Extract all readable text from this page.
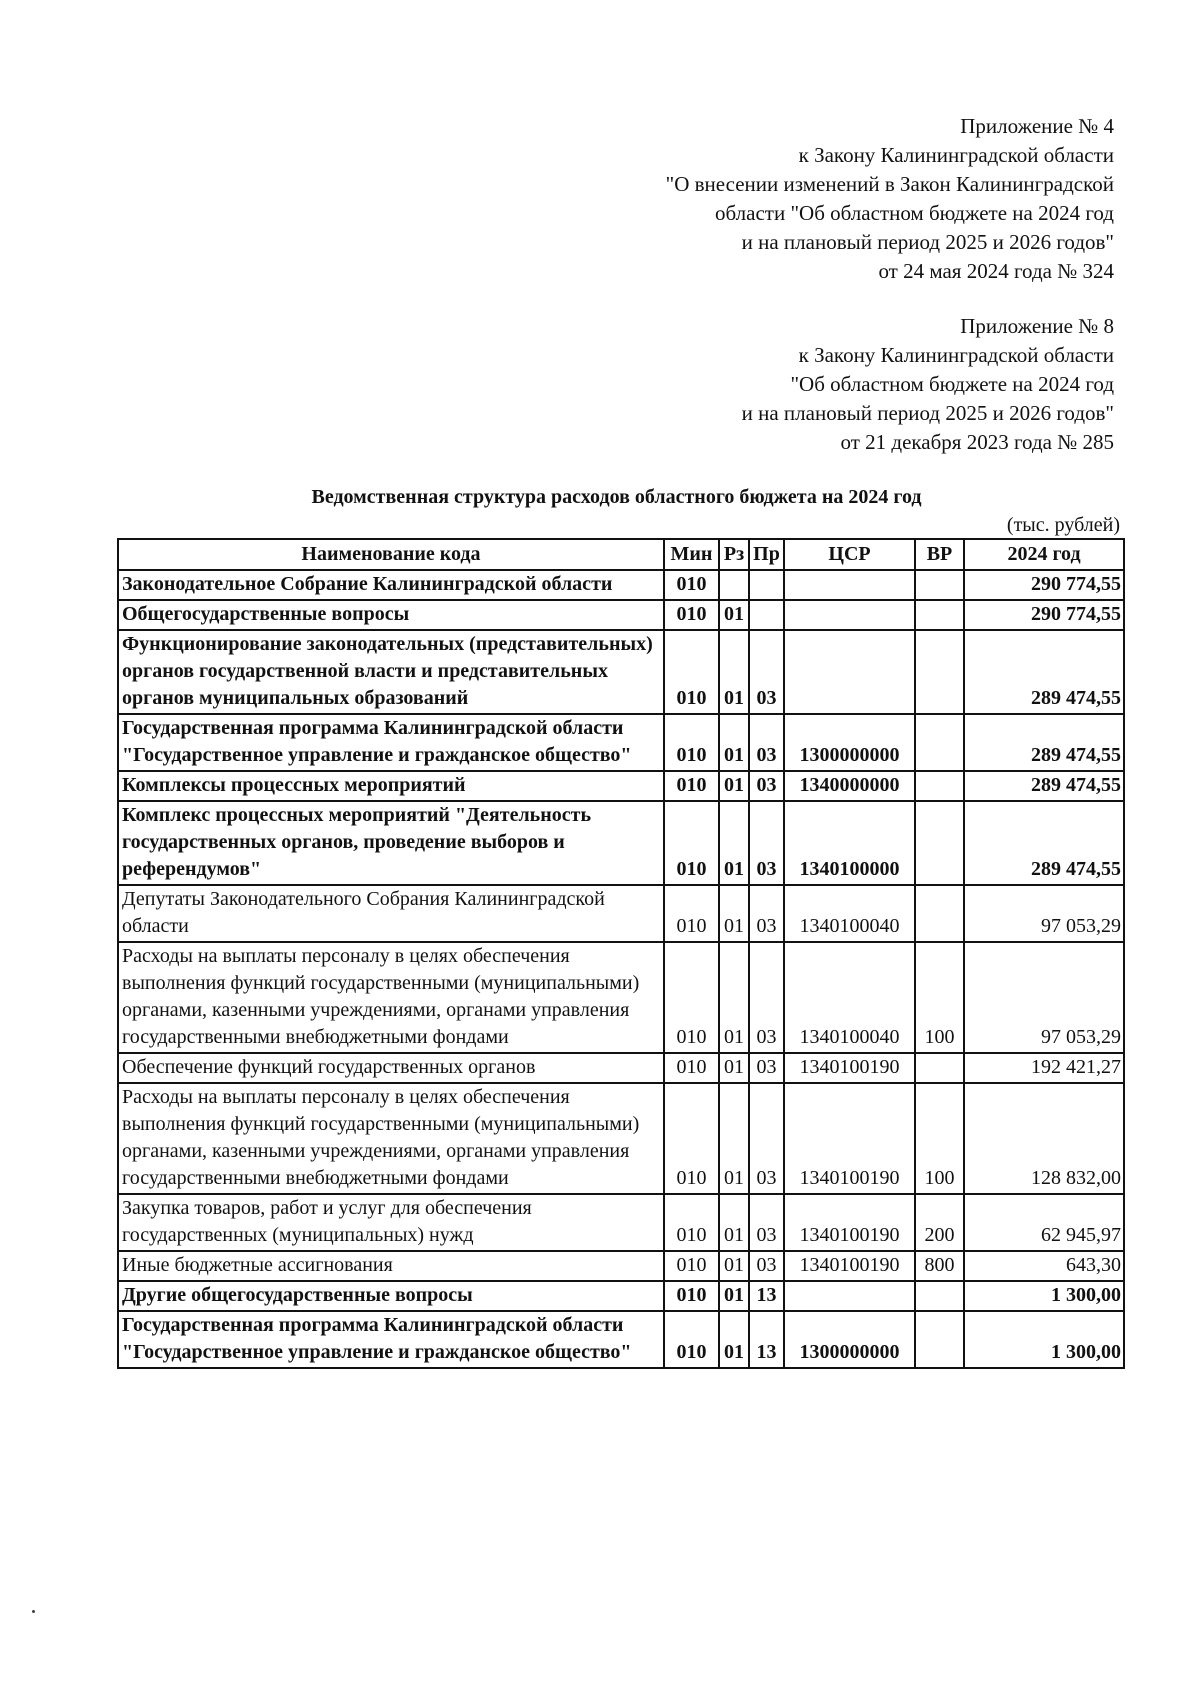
Приложение № 4
к Закону Калининградской области
"О внесении изменений в Закон Калининградской
области "Об областном бюджете на 2024 год
и на плановый период 2025 и 2026 годов"
от 24 мая 2024 года № 324
Приложение № 8
к Закону Калининградской области
"Об областном бюджете на 2024 год
и на плановый период 2025 и 2026 годов"
от 21 декабря 2023 года № 285
Ведомственная структура расходов областного бюджета на 2024 год
(тыс. рублей)
Наименование кода	Мин	Рз	Пр	ЦСР	ВР	2024 год
Законодательное Собрание Калининградской области	010					290 774,55
Общегосударственные вопросы	010	01				290 774,55
Функционирование законодательных (представительных) органов государственной власти и представительных органов муниципальных образований	010	01	03			289 474,55
Государственная программа Калининградской области "Государственное управление и гражданское общество"	010	01	03	1300000000		289 474,55
Комплексы процессных мероприятий	010	01	03	1340000000		289 474,55
Комплекс процессных мероприятий "Деятельность государственных органов, проведение выборов и референдумов"	010	01	03	1340100000		289 474,55
Депутаты Законодательного Собрания Калининградской области	010	01	03	1340100040		97 053,29
Расходы на выплаты персоналу в целях обеспечения выполнения функций государственными (муниципальными) органами, казенными учреждениями, органами управления государственными внебюджетными фондами	010	01	03	1340100040	100	97 053,29
Обеспечение функций государственных органов	010	01	03	1340100190		192 421,27
Расходы на выплаты персоналу в целях обеспечения выполнения функций государственными (муниципальными) органами, казенными учреждениями, органами управления государственными внебюджетными фондами	010	01	03	1340100190	100	128 832,00
Закупка товаров, работ и услуг для обеспечения государственных (муниципальных) нужд	010	01	03	1340100190	200	62 945,97
Иные бюджетные ассигнования	010	01	03	1340100190	800	643,30
Другие общегосударственные вопросы	010	01	13			1 300,00
Государственная программа Калининградской области "Государственное управление и гражданское общество"	010	01	13	1300000000		1 300,00
